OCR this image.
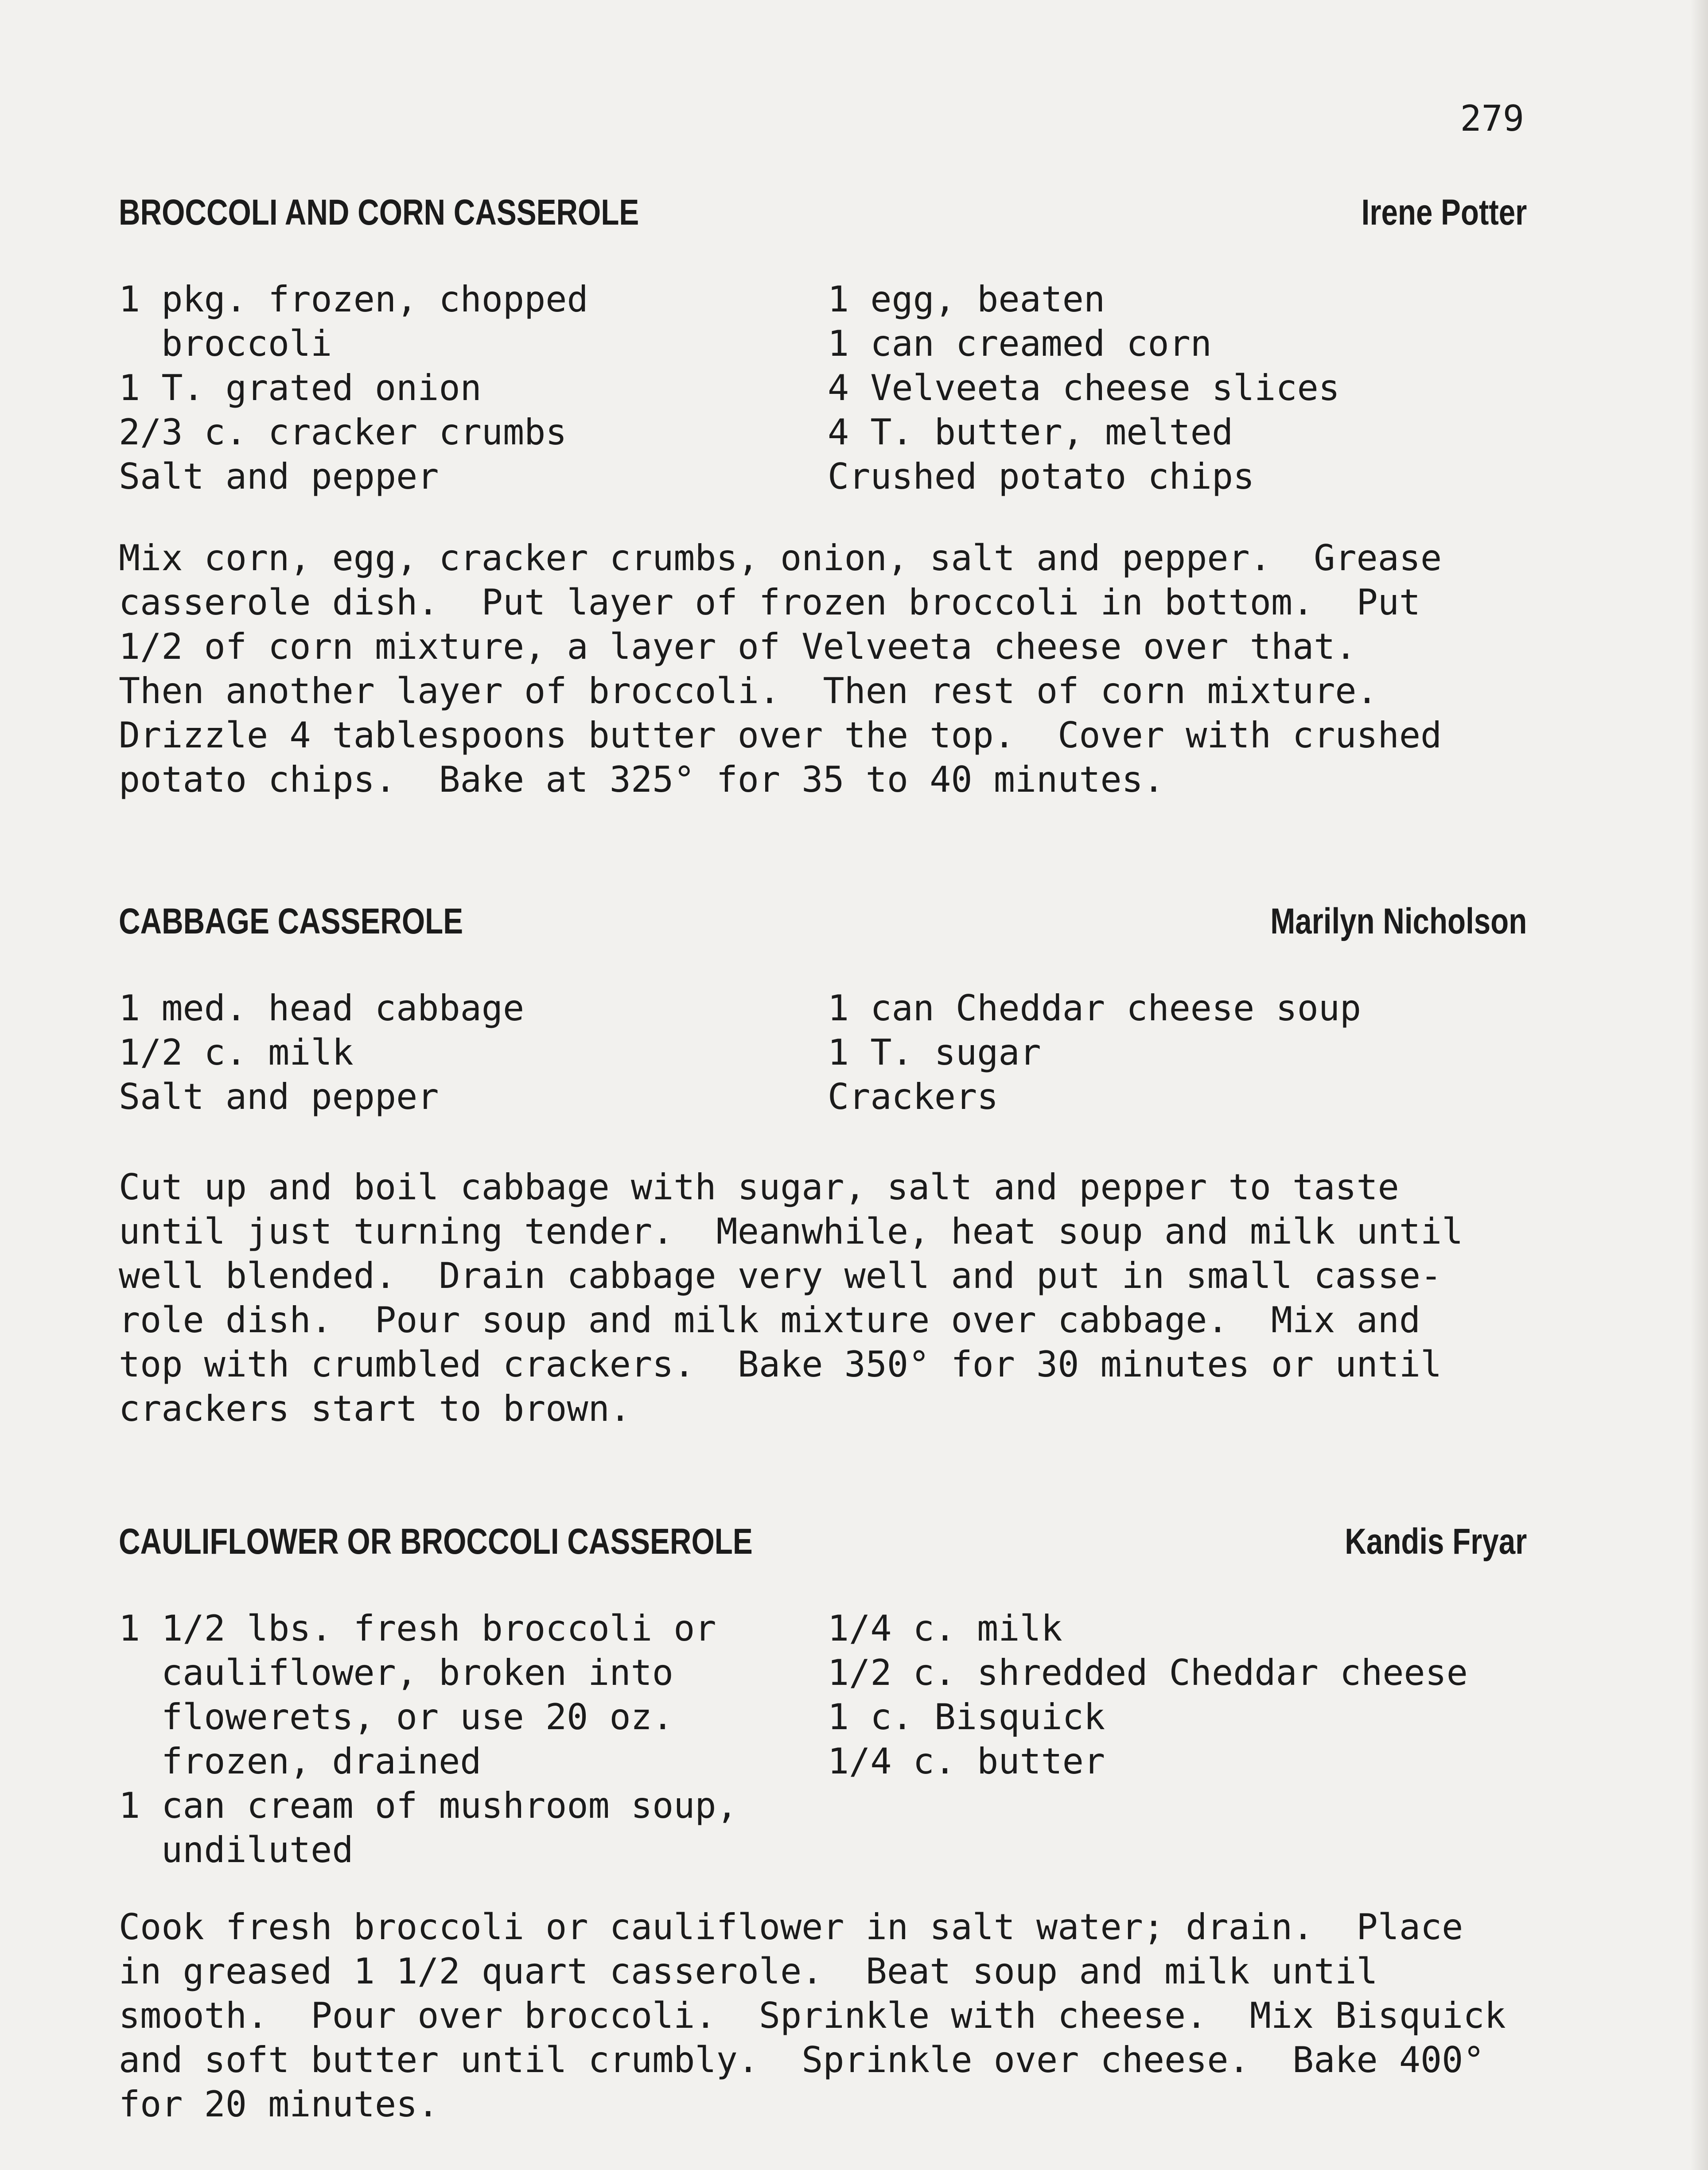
279
BROCCOLI AND CORN CASSEROLE	Irene Potter
1 pkg. frozen, chopped
broccoli
1 T. grated onion
2/3 c. cracker crumbs
Salt and pepper
1 egg, beaten
1 can creamed corn
4 Velveeta cheese slices
4 T. butter, melted
Crushed potato chips
Mix corn, egg, cracker crumbs, onion, salt and pepper.  Grease
casserole dish.  Put layer of frozen broccoli in bottom.  Put
1/2 of corn mixture, a layer of Velveeta cheese over that.
Then another layer of broccoli.  Then rest of corn mixture.
Drizzle 4 tablespoons butter over the top.  Cover with crushed
potato chips.  Bake at 325° for 35 to 40 minutes.
CABBAGE CASSEROLE	Marilyn Nicholson
1 med. head cabbage
1/2 c. milk
Salt and pepper
1 can Cheddar cheese soup
1 T. sugar
Crackers
Cut up and boil cabbage with sugar, salt and pepper to taste
until just turning tender.  Meanwhile, heat soup and milk until
well blended.  Drain cabbage very well and put in small casse-
role dish.  Pour soup and milk mixture over cabbage.  Mix and
top with crumbled crackers.  Bake 350° for 30 minutes or until
crackers start to brown.
CAULIFLOWER OR BROCCOLI CASSEROLE	Kandis Fryar
1 1/2 lbs. fresh broccoli or
cauliflower, broken into
flowerets, or use 20 oz.
frozen, drained
1 can cream of mushroom soup,
undiluted
1/4 c. milk
1/2 c. shredded Cheddar cheese
1 c. Bisquick
1/4 c. butter
Cook fresh broccoli or cauliflower in salt water; drain.  Place
in greased 1 1/2 quart casserole.  Beat soup and milk until
smooth.  Pour over broccoli.  Sprinkle with cheese.  Mix Bisquick
and soft butter until crumbly.  Sprinkle over cheese.  Bake 400°
for 20 minutes.
